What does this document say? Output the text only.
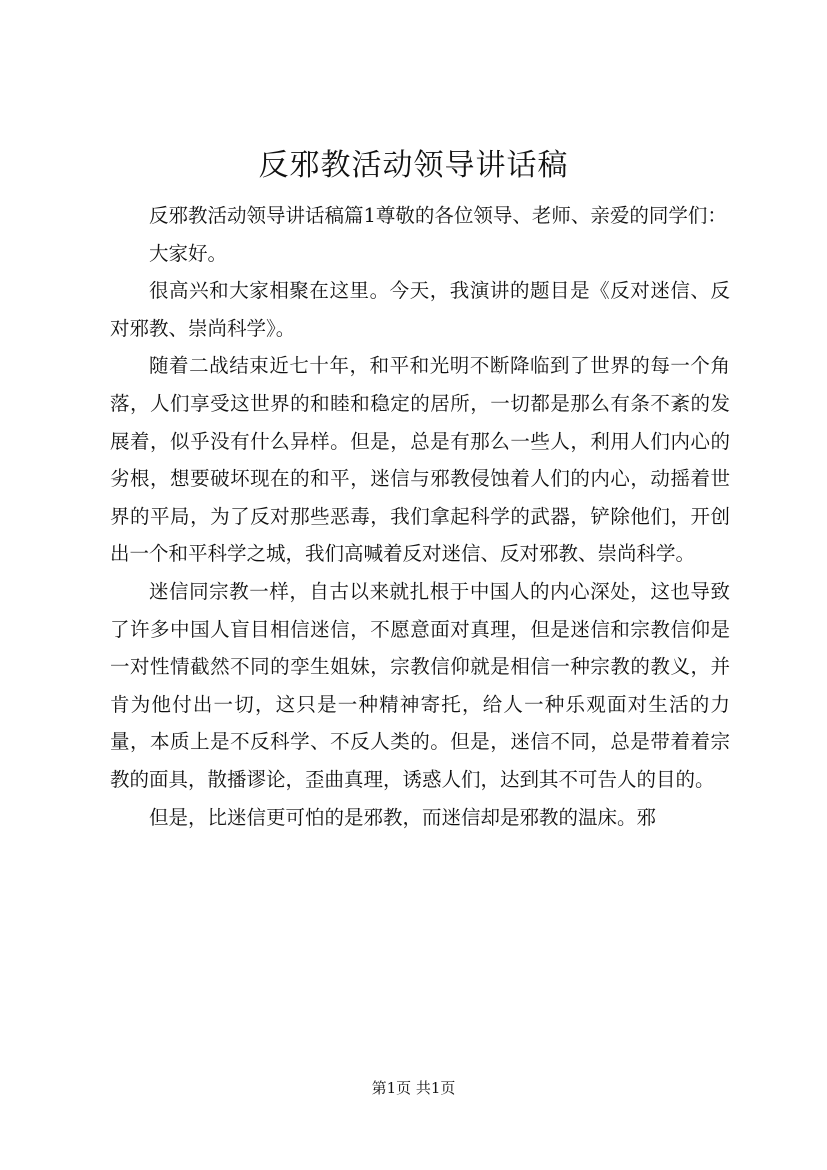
反邪教活动领导讲话稿

反邪教活动领导讲话稿篇1尊敬的各位领导、老师、亲爱的同学们：

大家好。

很高兴和大家相聚在这里。今天，我演讲的题目是《反对迷信、反对邪教、崇尚科学》。

随着二战结束近七十年，和平和光明不断降临到了世界的每一个角落，人们享受这世界的和睦和稳定的居所，一切都是那么有条不紊的发展着，似乎没有什么异样。但是，总是有那么一些人，利用人们内心的劣根，想要破坏现在的和平，迷信与邪教侵蚀着人们的内心，动摇着世界的平局，为了反对那些恶毒，我们拿起科学的武器，铲除他们，开创出一个和平科学之城，我们高喊着反对迷信、反对邪教、崇尚科学。

迷信同宗教一样，自古以来就扎根于中国人的内心深处，这也导致了许多中国人盲目相信迷信，不愿意面对真理，但是迷信和宗教信仰是一对性情截然不同的孪生姐妹，宗教信仰就是相信一种宗教的教义，并肯为他付出一切，这只是一种精神寄托，给人一种乐观面对生活的力量，本质上是不反科学、不反人类的。但是，迷信不同，总是带着着宗教的面具，散播谬论，歪曲真理，诱惑人们，达到其不可告人的目的。

但是，比迷信更可怕的是邪教，而迷信却是邪教的温床。邪

第1页 共1页
